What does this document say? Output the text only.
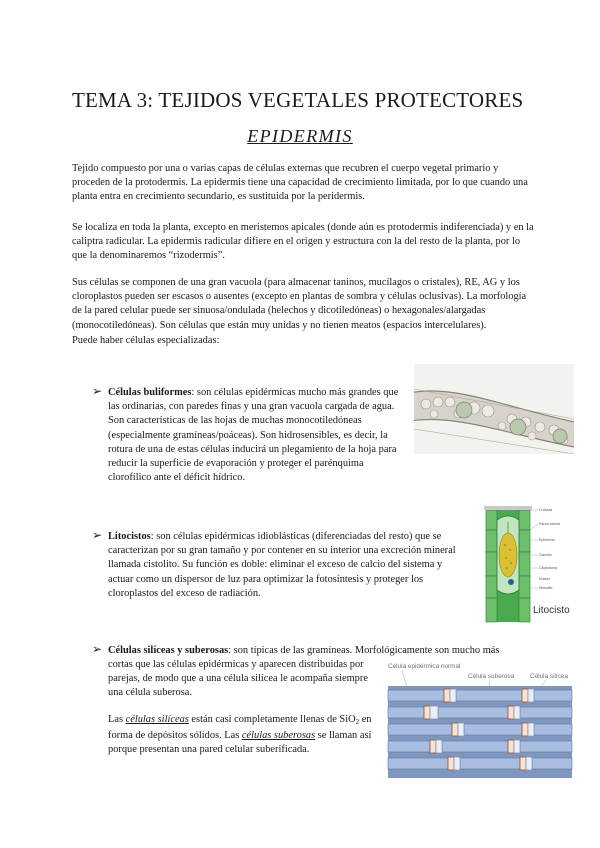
TEMA 3: TEJIDOS VEGETALES PROTECTORES
EPIDERMIS
Tejido compuesto por una o varias capas de células externas que recubren el cuerpo vegetal primario y proceden de la protodermis. La epidermis tiene una capacidad de crecimiento limitada, por lo que cuando una planta entra en crecimiento secundario, es sustituida por la peridermis.
Se localiza en toda la planta, excepto en meristemos apicales (donde aún es protodermis indiferenciada) y en la caliptra radicular. La epidermis radicular difiere en el origen y estructura con la del resto de la planta, por lo que la denominaremos “rizodermis”.
Sus células se componen de una gran vacuola (para almacenar taninos, mucílagos o cristales), RE, AG y los cloroplastos pueden ser escasos o ausentes (excepto en plantas de sombra y células oclusivas). La morfología de la pared celular puede ser sinuosa/ondulada (helechos y dicotiledóneas) o hexagonales/alargadas (monocotiledóneas). Son células que están muy unidas y no tienen meatos (espacios intercelulares).
Puede haber células especializadas:
➢ Células buliformes: son células epidérmicas mucho más grandes que las ordinarias, con paredes finas y una gran vacuola cargada de agua. Son características de las hojas de muchas monocotiledóneas (especialmente gramíneas/poáceas). Son hidrosensibles, es decir, la rotura de una de estas células inducirá un plegamiento de la hoja para reducir la superficie de evaporación y proteger el parénquima clorofílico ante el déficit hídrico.
➢ Litocistos: son células epidérmicas idioblásticas (diferenciadas del resto) que se caracterizan por su gran tamaño y por contener en su interior una excreción mineral llamada cistolito. Su función es doble: eliminar el exceso de calcio del sistema y actuar como un dispersor de luz para optimizar la fotosíntesis y proteger los cloroplastos del exceso de radiación.
Cutícula
Pared celular
Epidermis
Cistolito
Citoplasma
Núcleo
Mesófilo
Litocisto
➢ Células silíceas y suberosas: son típicas de las gramíneas. Morfológicamente son mucho más
cortas que las células epidérmicas y aparecen distribuidas por parejas, de modo que a una célula silícea le acompaña siempre una célula suberosa.
Las células silíceas están casi completamente llenas de SiO$_2$ en forma de depósitos sólidos. Las células suberosas se llaman así porque presentan una pared celular suberificada.
Célula epidérmica normal
Célula suberosa Célula silícea
